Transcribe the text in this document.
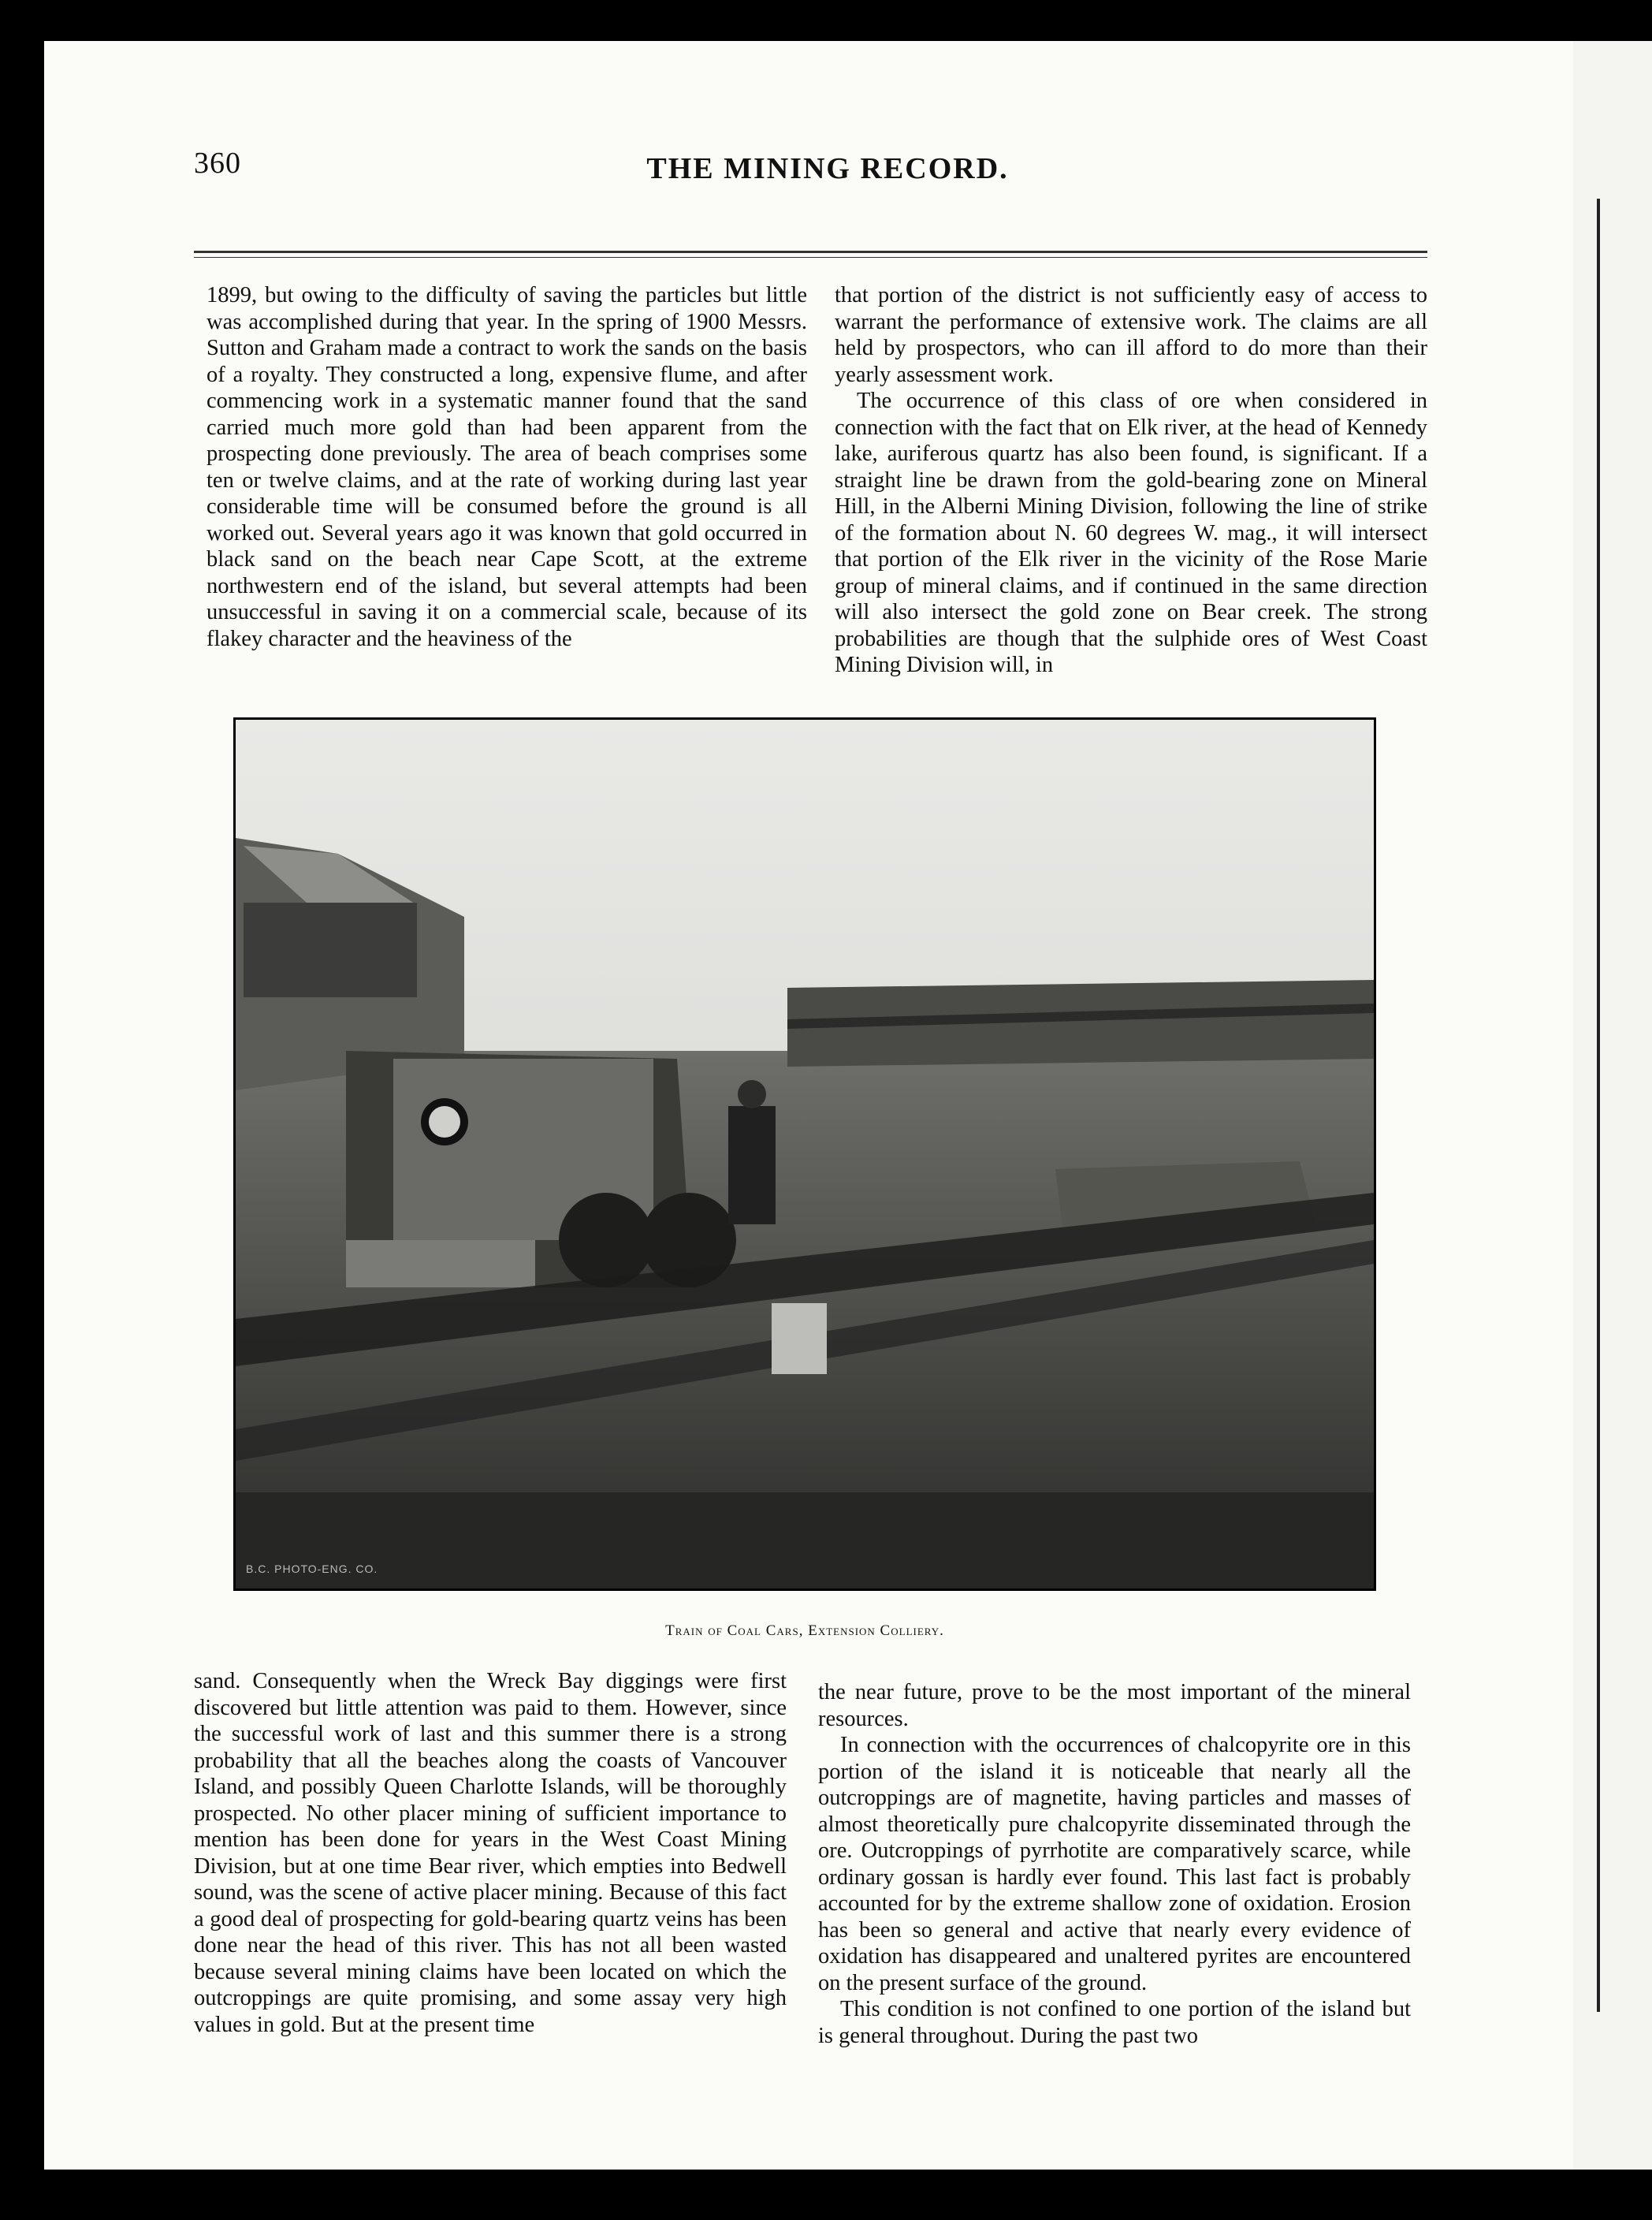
360	THE MINING RECORD.

1899, but owing to the difficulty of saving the particles but little was accomplished during that year. In the spring of 1900 Messrs. Sutton and Graham made a contract to work the sands on the basis of a royalty. They constructed a long, expensive flume, and after commencing work in a systematic manner found that the sand carried much more gold than had been apparent from the prospecting done previously. The area of beach comprises some ten or twelve claims, and at the rate of working during last year considerable time will be consumed before the ground is all worked out. Several years ago it was known that gold occurred in black sand on the beach near Cape Scott, at the extreme northwestern end of the island, but several attempts had been unsuccessful in saving it on a commercial scale, because of its flakey character and the heaviness of the

that portion of the district is not sufficiently easy of access to warrant the performance of extensive work. The claims are all held by prospectors, who can ill afford to do more than their yearly assessment work.

The occurrence of this class of ore when considered in connection with the fact that on Elk river, at the head of Kennedy lake, auriferous quartz has also been found, is significant. If a straight line be drawn from the gold-bearing zone on Mineral Hill, in the Alberni Mining Division, following the line of strike of the formation about N. 60 degrees W. mag., it will intersect that portion of the Elk river in the vicinity of the Rose Marie group of mineral claims, and if continued in the same direction will also intersect the gold zone on Bear creek. The strong probabilities are though that the sulphide ores of West Coast Mining Division will, in

B.C. PHOTO-ENG. CO.
Train of Coal Cars, Extension Colliery.

sand. Consequently when the Wreck Bay diggings were first discovered but little attention was paid to them. However, since the successful work of last and this summer there is a strong probability that all the beaches along the coasts of Vancouver Island, and possibly Queen Charlotte Islands, will be thoroughly prospected. No other placer mining of sufficient importance to mention has been done for years in the West Coast Mining Division, but at one time Bear river, which empties into Bedwell sound, was the scene of active placer mining. Because of this fact a good deal of prospecting for gold-bearing quartz veins has been done near the head of this river. This has not all been wasted because several mining claims have been located on which the outcroppings are quite promising, and some assay very high values in gold. But at the present time

the near future, prove to be the most important of the mineral resources.

In connection with the occurrences of chalcopyrite ore in this portion of the island it is noticeable that nearly all the outcroppings are of magnetite, having particles and masses of almost theoretically pure chalcopyrite disseminated through the ore. Outcroppings of pyrrhotite are comparatively scarce, while ordinary gossan is hardly ever found. This last fact is probably accounted for by the extreme shallow zone of oxidation. Erosion has been so general and active that nearly every evidence of oxidation has disappeared and unaltered pyrites are encountered on the present surface of the ground.

This condition is not confined to one portion of the island but is general throughout. During the past two
